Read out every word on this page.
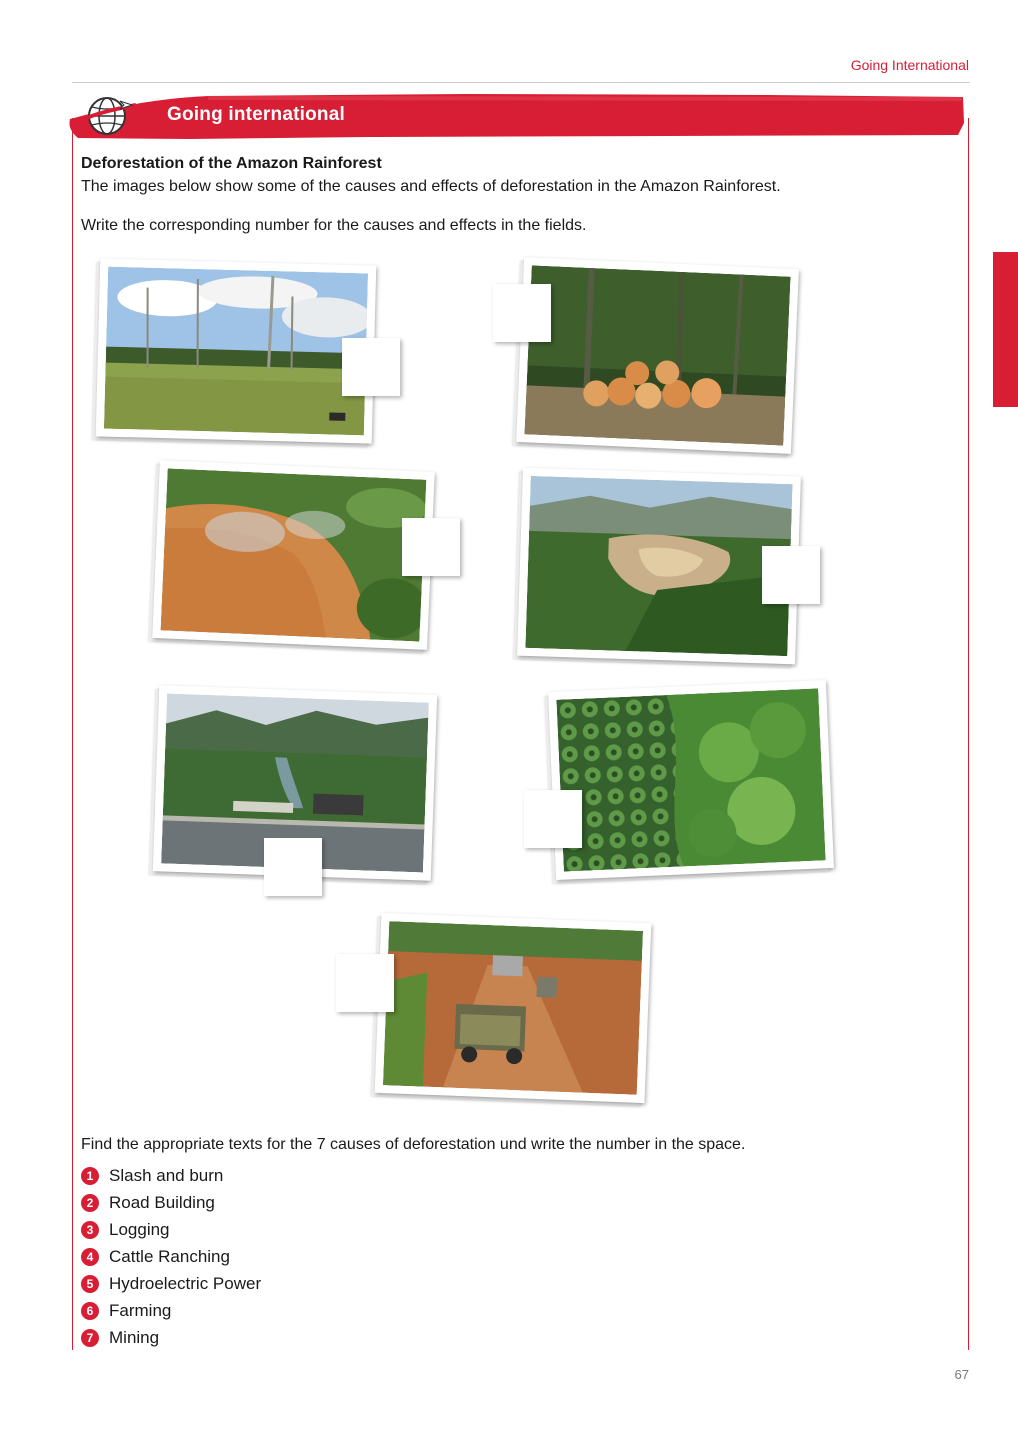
Going International
Going international
Deforestation of the Amazon Rainforest
The images below show some of the causes and effects of deforestation in the Amazon Rainforest.
Write the corresponding number for the causes and effects in the fields.
Find the appropriate texts for the 7 causes of deforestation und write the number in the space.
1 Slash and burn
2 Road Building
3 Logging
4 Cattle Ranching
5 Hydroelectric Power
6 Farming
7 Mining
67
